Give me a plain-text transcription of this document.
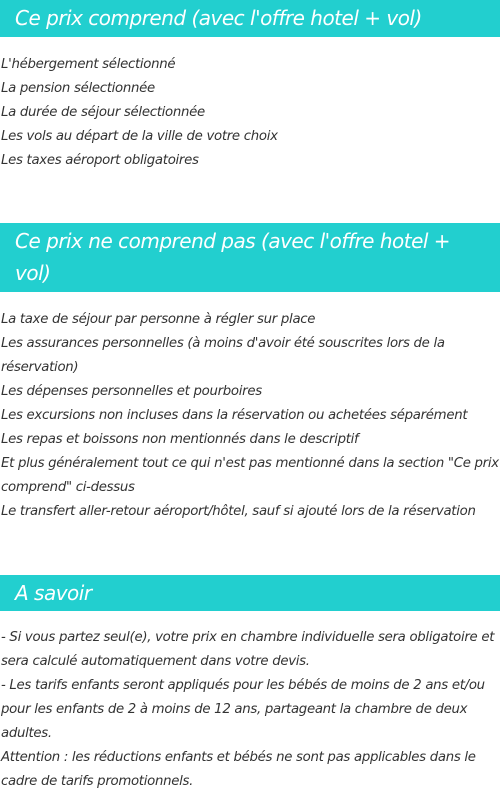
Ce prix comprend (avec l'offre hotel + vol)
L'hébergement sélectionné
La pension sélectionnée
La durée de séjour sélectionnée
Les vols au départ de la ville de votre choix
Les taxes aéroport obligatoires
Ce prix ne comprend pas (avec l'offre hotel + vol)
La taxe de séjour par personne à régler sur place
Les assurances personnelles (à moins d'avoir été souscrites lors de la réservation)
Les dépenses personnelles et pourboires
Les excursions non incluses dans la réservation ou achetées séparément
Les repas et boissons non mentionnés dans le descriptif
Et plus généralement tout ce qui n'est pas mentionné dans la section "Ce prix comprend" ci-dessus
Le transfert aller-retour aéroport/hôtel, sauf si ajouté lors de la réservation
A savoir

- Si vous partez seul(e), votre prix en chambre individuelle sera obligatoire et sera calculé automatiquement dans votre devis.

- Les tarifs enfants seront appliqués pour les bébés de moins de 2 ans et/ou pour les enfants de 2 à moins de 12 ans, partageant la chambre de deux adultes.

Attention : les réductions enfants et bébés ne sont pas applicables dans le cadre de tarifs promotionnels.
